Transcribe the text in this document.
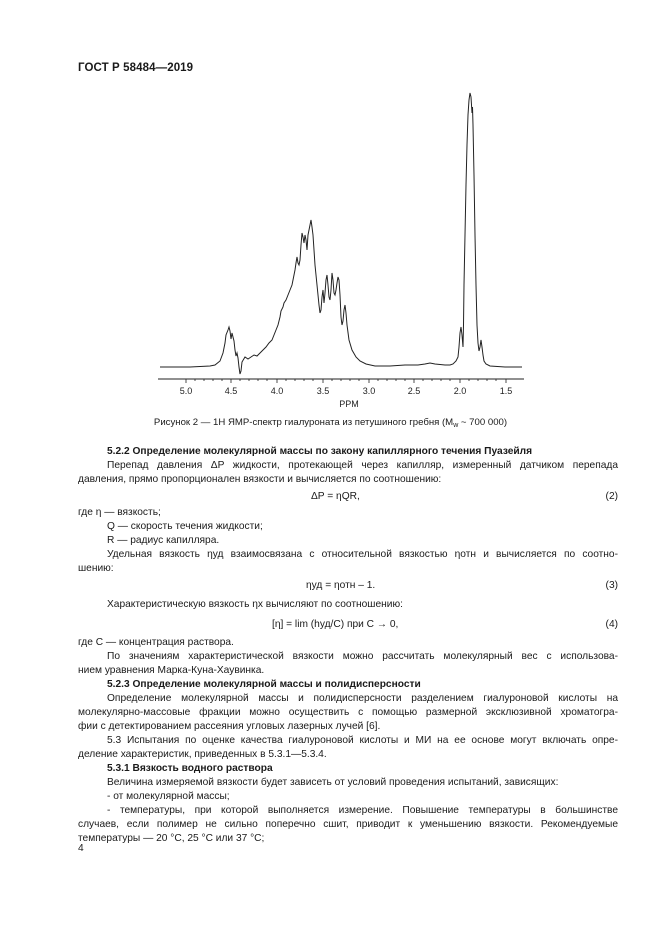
ГОСТ Р 58484—2019
5.0	4.5	4.0	3.5	3.0	2.5	2.0	1.5
PPM
Рисунок 2 — 1H ЯМР-спектр гиалуроната из петушиного гребня ($M_w$ ~ 700 000)
5.2.2 Определение молекулярной массы по закону капиллярного течения Пуазейля
Перепад давления ΔP жидкости, протекающей через капилляр, измеренный датчиком перепада
давления, прямо пропорционален вязкости и вычисляется по соотношению:
ΔP = ηQR,	(2)
где η — вязкость;
Q — скорость течения жидкости;
R — радиус капилляра.
Удельная вязкость ηуд взаимосвязана с относительной вязкостью ηотн и вычисляется по соотно-
шению:
ηуд = ηотн – 1.	(3)
Характеристическую вязкость ηх вычисляют по соотношению:
[η] = lim (hуд/C) при C → 0,	(4)
где C — концентрация раствора.
По значениям характеристической вязкости можно рассчитать молекулярный вес с использова-
нием уравнения Марка-Куна-Хаувинка.
5.2.3 Определение молекулярной массы и полидисперсности
Определение молекулярной массы и полидисперсности разделением гиалуроновой кислоты на
молекулярно-массовые фракции можно осуществить с помощью размерной эксклюзивной хроматогра-
фии с детектированием рассеяния угловых лазерных лучей [6].
5.3 Испытания по оценке качества гиалуроновой кислоты и МИ на ее основе могут включать опре-
деление характеристик, приведенных в 5.3.1—5.3.4.
5.3.1 Вязкость водного раствора
Величина измеряемой вязкости будет зависеть от условий проведения испытаний, зависящих:
- от молекулярной массы;
- температуры, при которой выполняется измерение. Повышение температуры в большинстве
случаев, если полимер не сильно поперечно сшит, приводит к уменьшению вязкости. Рекомендуемые
температуры — 20 °С, 25 °С или 37 °С;
4
